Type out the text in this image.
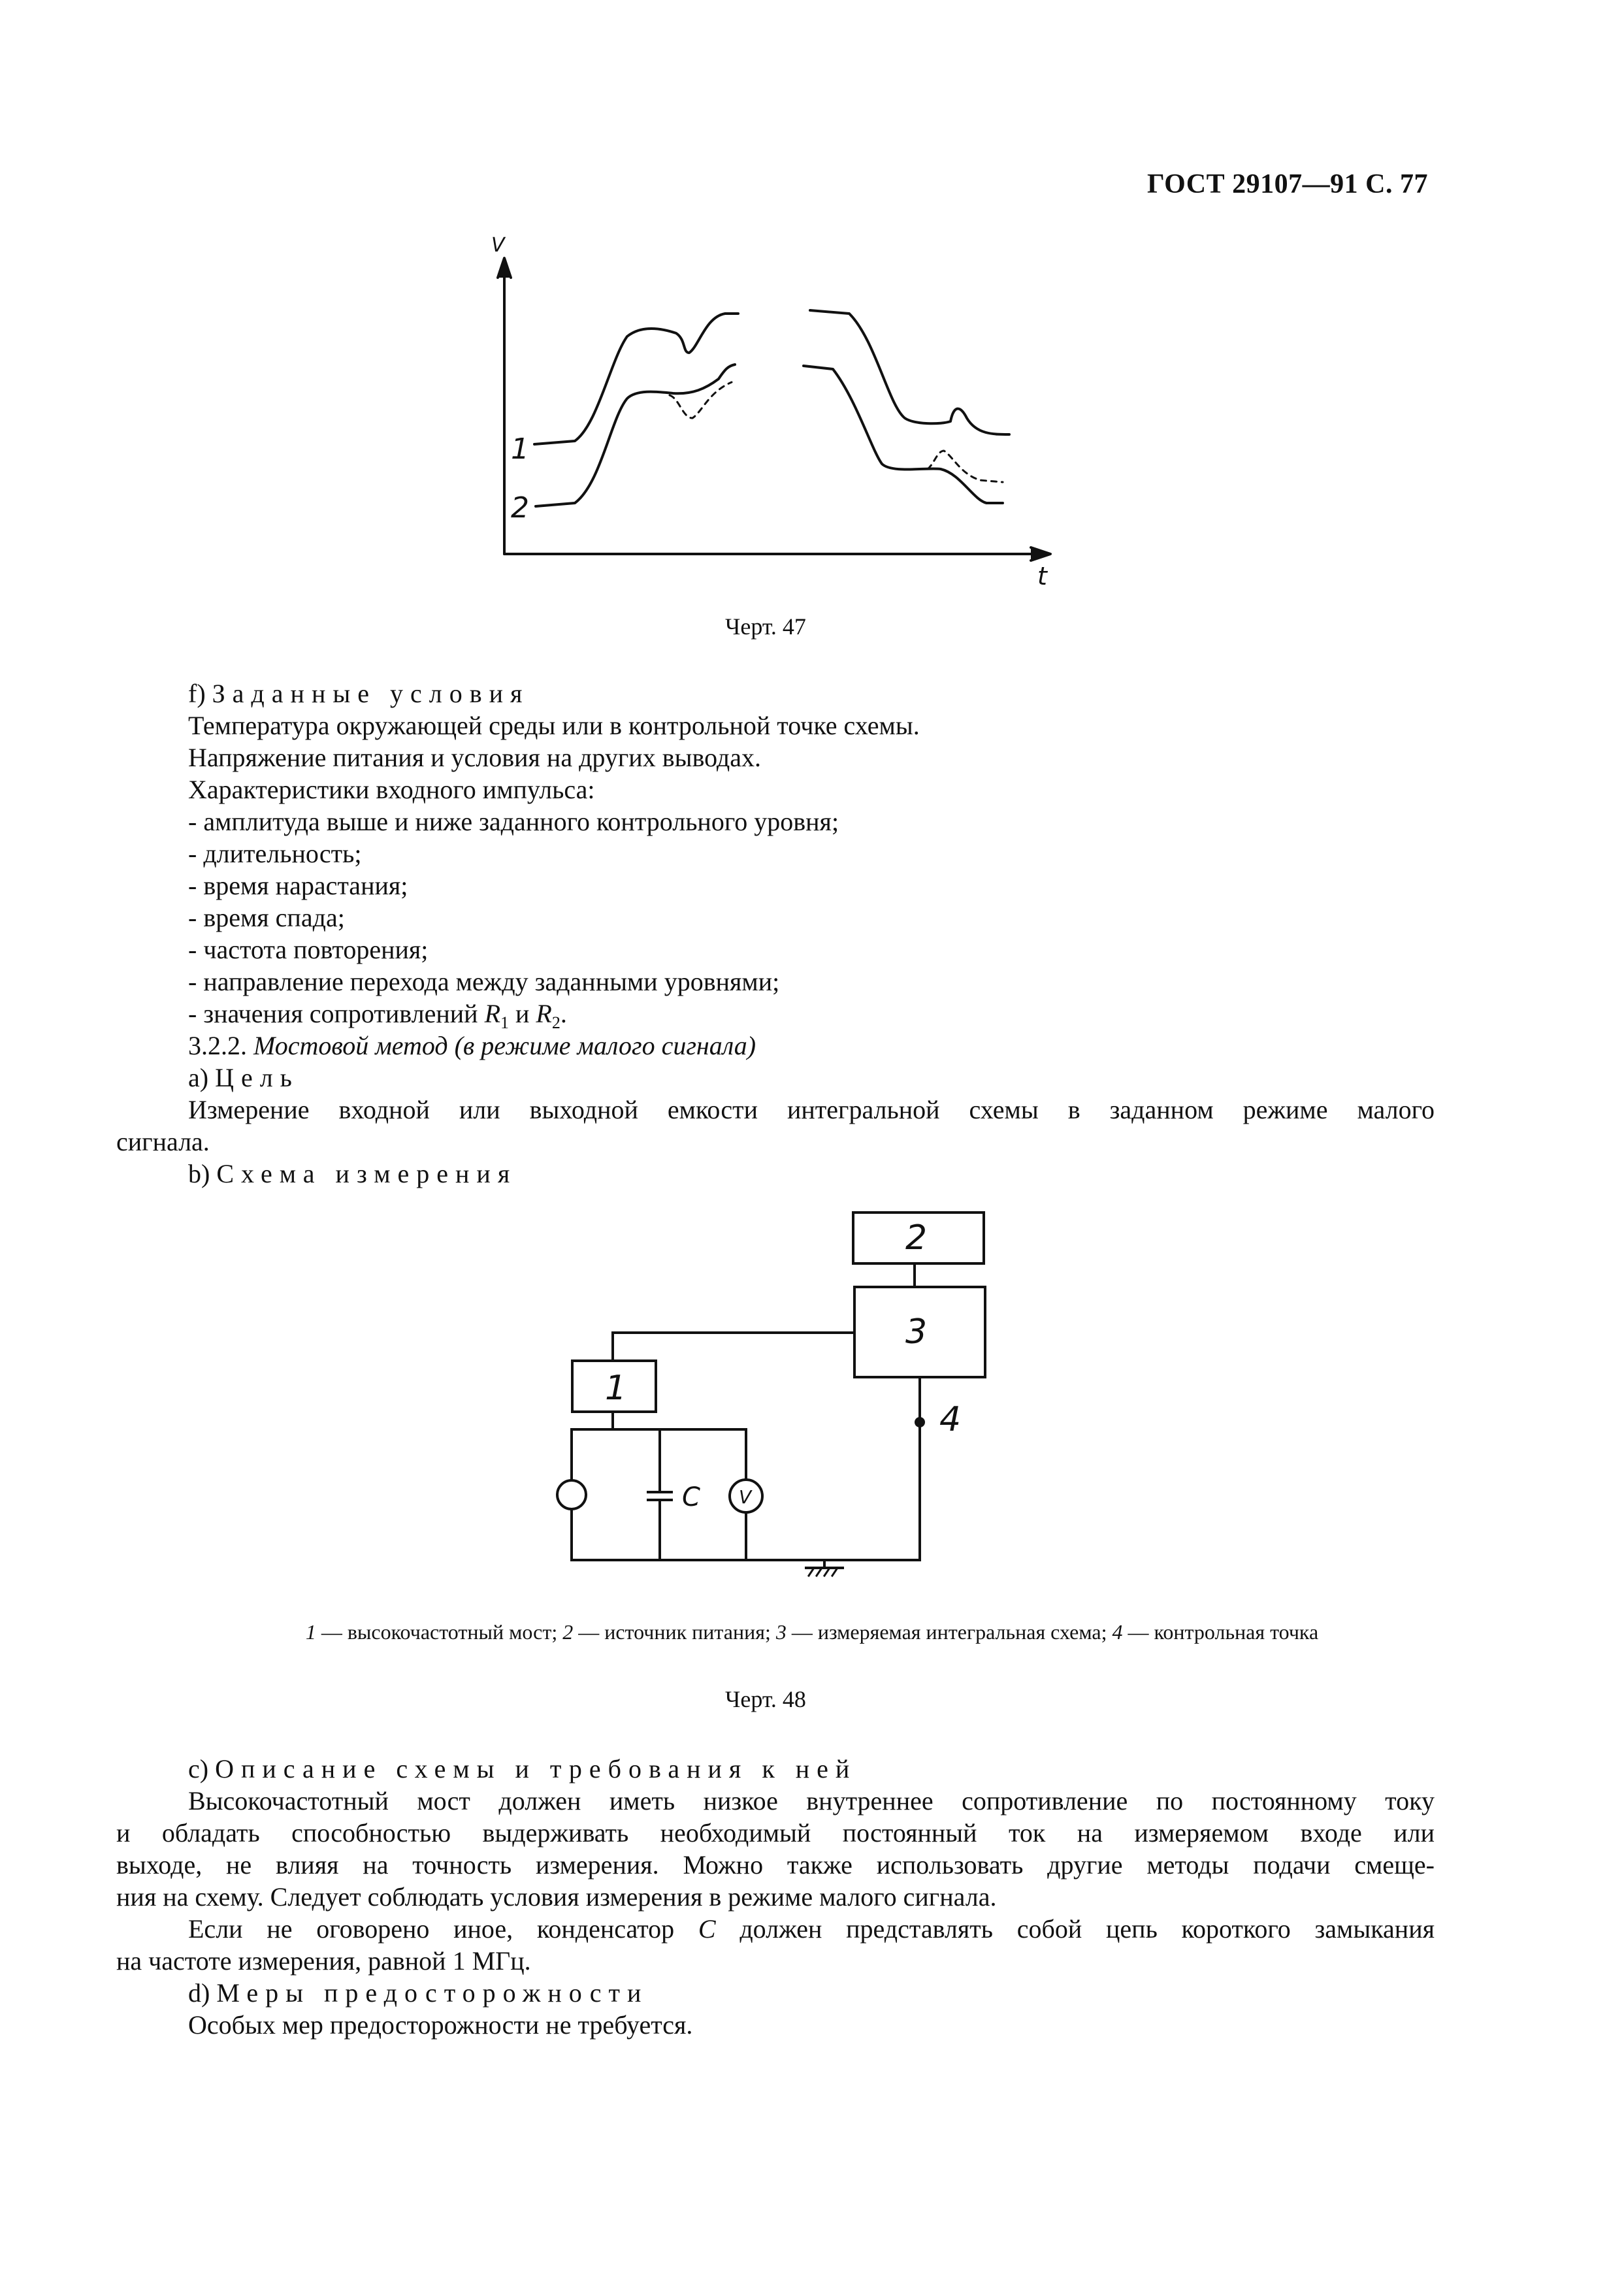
ГОСТ 29107—91 С. 77
V
t
1
2
Черт. 47
f) Заданные условия
Температура окружающей среды или в контрольной точке схемы.
Напряжение питания и условия на других выводах.
Характеристики входного импульса:
- амплитуда выше и ниже заданного контрольного уровня;
- длительность;
- время нарастания;
- время спада;
- частота повторения;
- направление перехода между заданными уровнями;
- значения сопротивлений $R_1$ и $R_2$.
3.2.2. Мостовой метод (в режиме малого сигнала)
a) Цель
Измерение входной или выходной емкости интегральной схемы в заданном режиме малого
сигнала.
b) Схема измерения
2
3
1
4
C V
1 — высокочастотный мост; 2 — источник питания; 3 — измеряемая интегральная схема; 4 — контрольная точка
Черт. 48
c) Описание схемы и требования к ней
Высокочастотный мост должен иметь низкое внутреннее сопротивление по постоянному току
и обладать способностью выдерживать необходимый постоянный ток на измеряемом входе или
выходе, не влияя на точность измерения. Можно также использовать другие методы подачи смеще-
ния на схему. Следует соблюдать условия измерения в режиме малого сигнала.
Если не оговорено иное, конденсатор C должен представлять собой цепь короткого замыкания
на частоте измерения, равной 1 МГц.
d) Меры предосторожности
Особых мер предосторожности не требуется.
